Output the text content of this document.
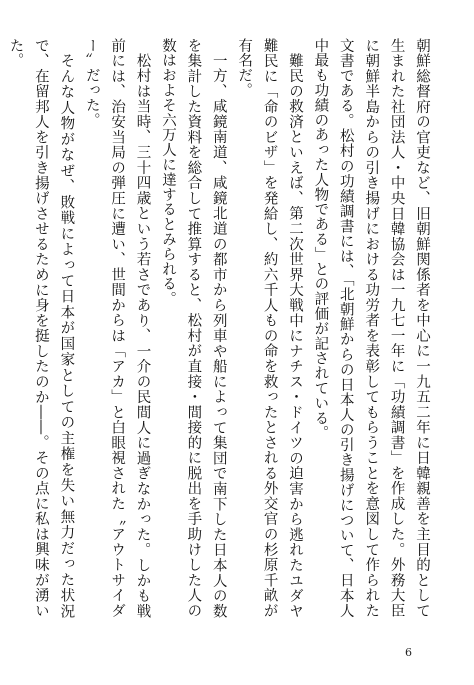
朝鮮総督府の官吏など、旧朝鮮関係者を中心に一九五二年に日韓親善を主目的として生まれた社団法人・中央日韓協会は一九七一年に「功績調書」を作成した。外務大臣に朝鮮半島からの引き揚げにおける功労者を表彰してもらうことを意図して作られた文書である。松村の功績調書には、「北朝鮮からの日本人の引き揚げについて、日本人中最も功績のあった人物である」との評価が記されている。

難民の救済といえば、第二次世界大戦中にナチス・ドイツの迫害から逃れたユダヤ難民に「命のビザ」を発給し、約六千人もの命を救ったとされる外交官の杉原千畝が有名だ。

一方、咸鏡南道、咸鏡北道の都市から列車や船によって集団で南下した日本人の数を集計した資料を総合して推算すると、松村が直接・間接的に脱出を手助けした人の数はおよそ六万人に達するとみられる。

松村は当時、三十四歳という若さであり、一介の民間人に過ぎなかった。しかも戦前には、治安当局の弾圧に遭い、世間からは「アカ」と白眼視された〝アウトサイダー〟だった。

そんな人物がなぜ、敗戦によって日本が国家としての主権を失い無力だった状況で、在留邦人を引き揚げさせるために身を挺したのか――。その点に私は興味が湧いた。

6
